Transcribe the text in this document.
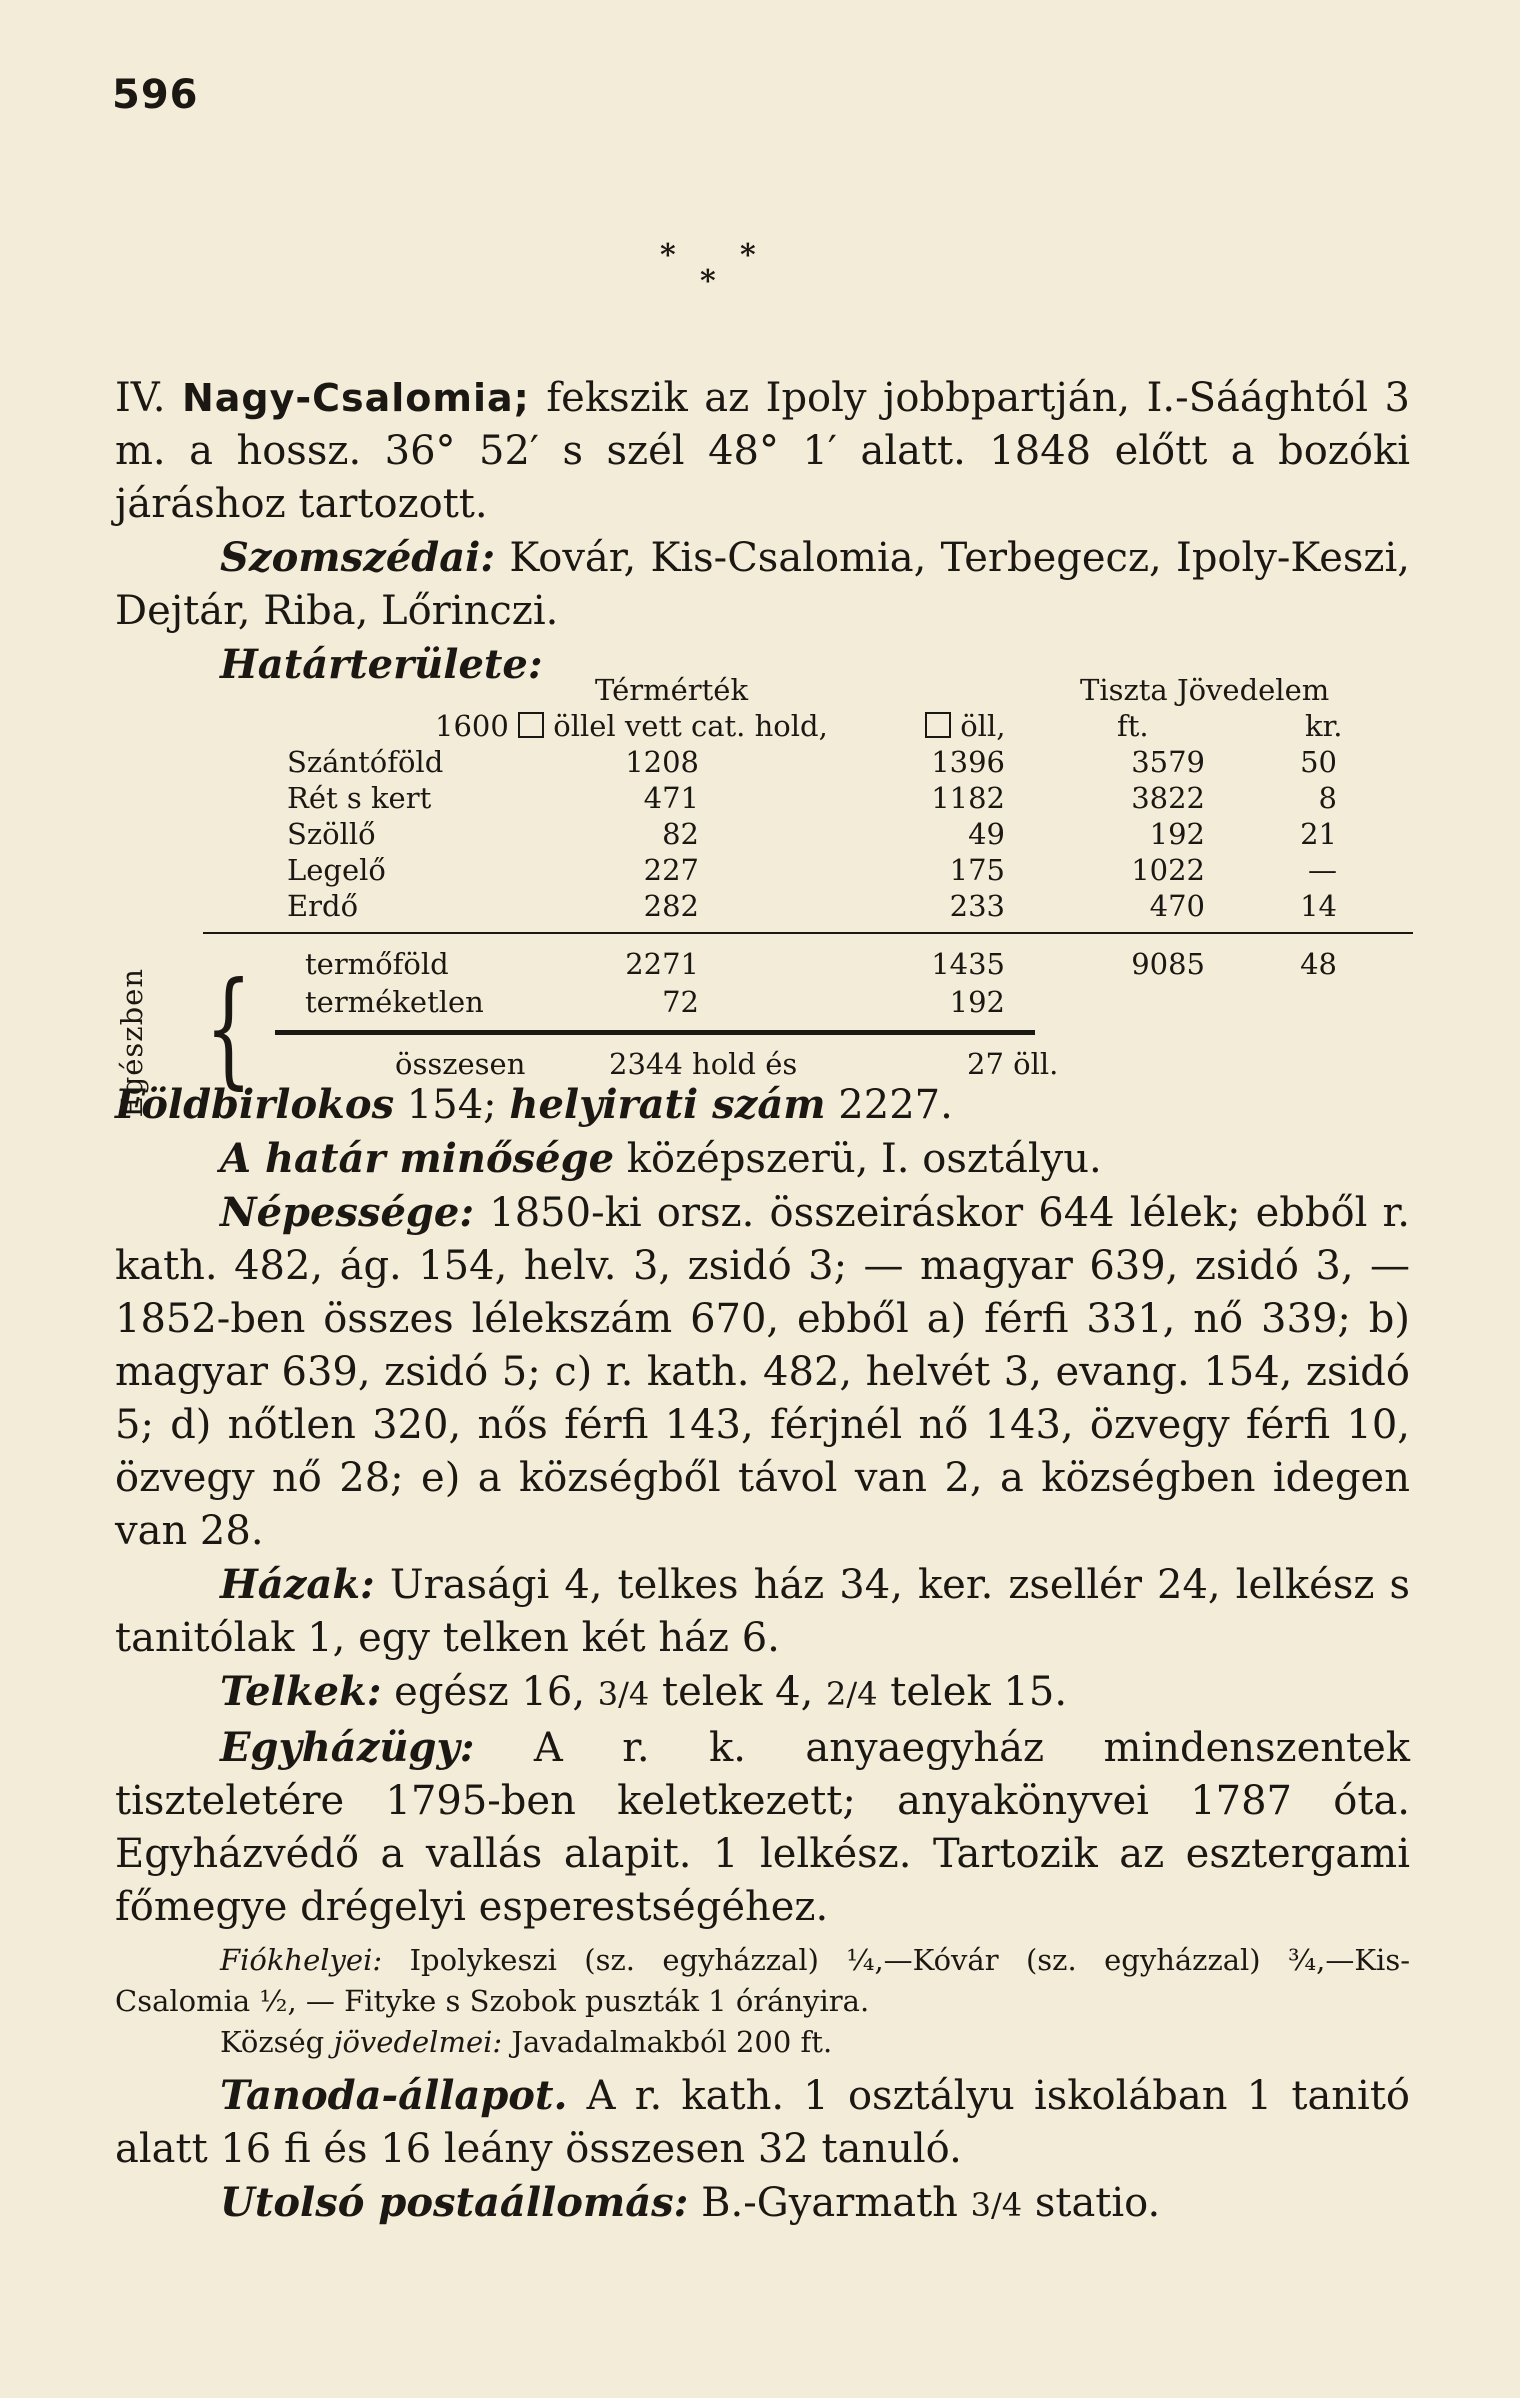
596
* *
*

IV. Nagy-Csalomia; fekszik az Ipoly jobbpartján, I.-Sáághtól 3 m. a hossz. 36° 52′ s szél 48° 1′ alatt. 1848 előtt a bozóki járáshoz tartozott.

Szomszédai: Kovár, Kis-Csalomia, Terbegecz, Ipoly-Keszi, Dejtár, Riba, Lőrinczi.

Határterülete:

Térmérték	Tiszta Jövedelem
1600 öllel vett cat. hold,	öll,	ft.	kr.
Szántóföld	1208	1396	3579	50
Rét s kert	471	1182	3822	8
Szöllő	82	49	192	21
Legelő	227	175	1022	—
Erdő	282	233	470	14
Egészben { termőföld	2271	1435	9085	48
terméketlen	72	192
összesen	2344 hold és	27 öll.

Földbirlokos 154; helyirati szám 2227.

A határ minősége középszerü, I. osztályu.

Népessége: 1850-ki orsz. összeiráskor 644 lélek; ebből r. kath. 482, ág. 154, helv. 3, zsidó 3; — magyar 639, zsidó 3, — 1852-ben összes lélekszám 670, ebből a) férfi 331, nő 339; b) magyar 639, zsidó 5; c) r. kath. 482, helvét 3, evang. 154, zsidó 5; d) nőtlen 320, nős férfi 143, férjnél nő 143, özvegy férfi 10, özvegy nő 28; e) a községből távol van 2, a községben idegen van 28.

Házak: Urasági 4, telkes ház 34, ker. zsellér 24, lelkész s tanitólak 1, egy telken két ház 6.

Telkek: egész 16, 3/4 telek 4, 2/4 telek 15.

Egyházügy: A r. k. anyaegyház mindenszentek tiszteletére 1795-ben keletkezett; anyakönyvei 1787 óta. Egyházvédő a vallás alapit. 1 lelkész. Tartozik az esztergami főmegye drégelyi esperestségéhez.

Fiókhelyei: Ipolykeszi (sz. egyházzal) ¼,—Kóvár (sz. egyházzal) ¾,—Kis-Csalomia ½, — Fityke s Szobok puszták 1 órányira.

Község jövedelmei: Javadalmakból 200 ft.

Tanoda-állapot. A r. kath. 1 osztályu iskolában 1 tanitó alatt 16 fi és 16 leány összesen 32 tanuló.

Utolsó postaállomás: B.-Gyarmath 3/4 statio.
